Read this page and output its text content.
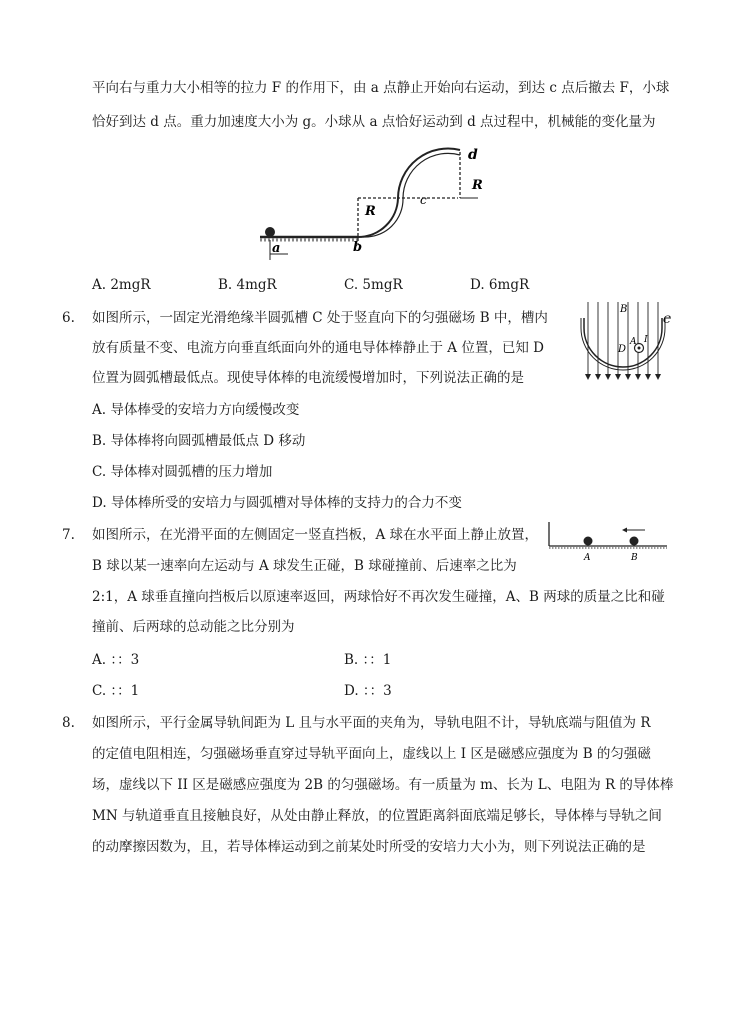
平向右与重力大小相等的拉力 F 的作用下，由 a 点静止开始向右运动，到达 c 点后撤去 F，小球
恰好到达 d 点。重力加速度大小为 g。小球从 a 点恰好运动到 d 点过程中，机械能的变化量为
d
R
R
c
a	b
A. 2mgR	B. 4mgR	C. 5mgR	D. 6mgR
6. 如图所示，一固定光滑绝缘半圆弧槽 C 处于竖直向下的匀强磁场 B 中，槽内
放有质量不变、电流方向垂直纸面向外的通电导体棒静止于 A 位置，已知 D
位置为圆弧槽最低点。现使导体棒的电流缓慢增加时，下列说法正确的是
B
C
D
A I
A. 导体棒受的安培力方向缓慢改变
B. 导体棒将向圆弧槽最低点 D 移动
C. 导体棒对圆弧槽的压力增加
D. 导体棒所受的安培力与圆弧槽对导体棒的支持力的合力不变
7. 如图所示，在光滑平面的左侧固定一竖直挡板，A 球在水平面上静止放置，
B 球以某一速率向左运动与 A 球发生正碰，B 球碰撞前、后速率之比为
2:1，A 球垂直撞向挡板后以原速率返回，两球恰好不再次发生碰撞，A、B 两球的质量之比和碰
撞前、后两球的总动能之比分别为
A	B
A. ：：3	B. ：：1
C. ：：1	D. ：：3
8. 如图所示，平行金属导轨间距为 L 且与水平面的夹角为，导轨电阻不计，导轨底端与阻值为 R
的定值电阻相连，匀强磁场垂直穿过导轨平面向上，虚线以上 I 区是磁感应强度为 B 的匀强磁
场，虚线以下 II 区是磁感应强度为 2B 的匀强磁场。有一质量为 m、长为 L、电阻为 R 的导体棒
MN 与轨道垂直且接触良好，从处由静止释放，的位置距离斜面底端足够长，导体棒与导轨之间
的动摩擦因数为，且，若导体棒运动到之前某处时所受的安培力大小为，则下列说法正确的是
